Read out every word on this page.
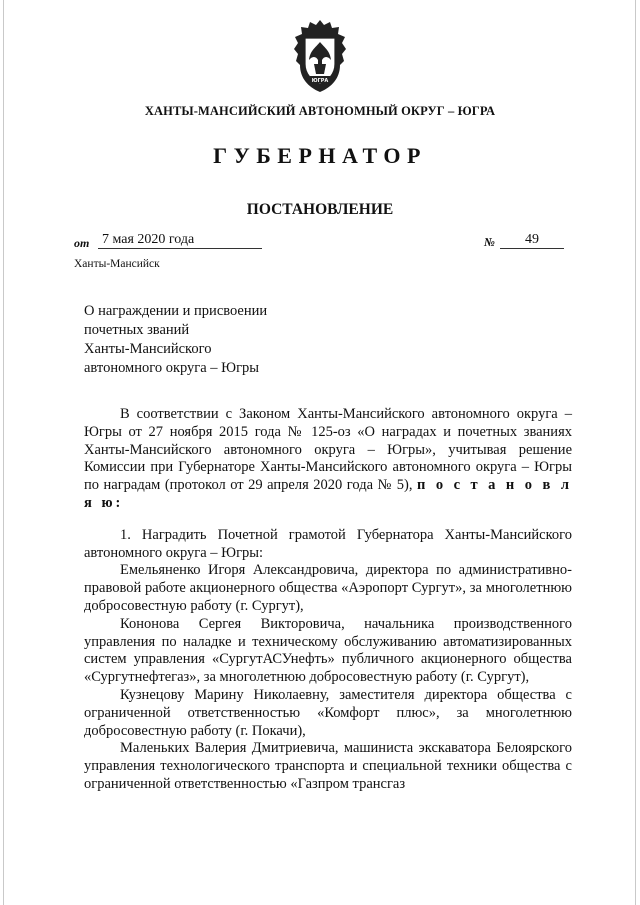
ЮГРА
ХАНТЫ-МАНСИЙСКИЙ АВТОНОМНЫЙ ОКРУГ – ЮГРА
ГУБЕРНАТОР
ПОСТАНОВЛЕНИЕ
от 7 мая 2020 года	№	49
Ханты-Мансийск
О награждении и присвоении
почетных званий
Ханты-Мансийского
автономного округа – Югры

В соответствии с Законом Ханты-Мансийского автономного округа – Югры от 27 ноября 2015 года № 125-оз «О наградах и почетных званиях Ханты-Мансийского автономного округа – Югры», учитывая решение Комиссии при Губернаторе Ханты-Мансийского автономного округа – Югры по наградам (протокол от 29 апреля 2020 года № 5), п о с т а н о в л я ю:

1. Наградить Почетной грамотой Губернатора Ханты-Мансийского автономного округа – Югры:

Емельяненко Игоря Александровича, директора по административно-правовой работе акционерного общества «Аэропорт Сургут», за многолетнюю добросовестную работу (г. Сургут),

Кононова Сергея Викторовича, начальника производственного управления по наладке и техническому обслуживанию автоматизированных систем управления «СургутАСУнефть» публичного акционерного общества «Сургутнефтегаз», за многолетнюю добросовестную работу (г. Сургут),

Кузнецову Марину Николаевну, заместителя директора общества с ограниченной ответственностью «Комфорт плюс», за многолетнюю добросовестную работу (г. Покачи),

Маленьких Валерия Дмитриевича, машиниста экскаватора Белоярского управления технологического транспорта и специальной техники общества с ограниченной ответственностью «Газпром трансгаз
